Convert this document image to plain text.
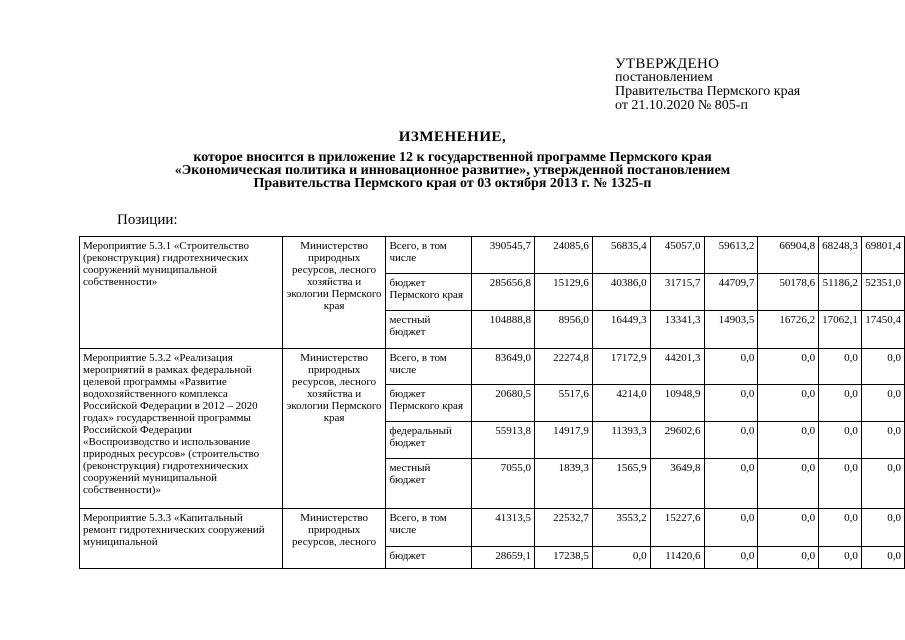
УТВЕРЖДЕНО
постановлением
Правительства Пермского края
от 21.10.2020 № 805-п
ИЗМЕНЕНИЕ,
которое вносится в приложение 12 к государственной программе Пермского края
«Экономическая политика и инновационное развитие», утвержденной постановлением
Правительства Пермского края от 03 октября 2013 г. № 1325-п
Позиции:
Мероприятие 5.3.1 «Строительство (реконструкция) гидротехнических сооружений муниципальной собственности»	Министерство природных ресурсов, лесного хозяйства и экологии Пермского края	Всего, в том числе	390545,7	24085,6	56835,4	45057,0	59613,2	66904,8	68248,3	69801,4
		бюджет Пермского края	285656,8	15129,6	40386,0	31715,7	44709,7	50178,6	51186,2	52351,0
		местный бюджет	104888,8	8956,0	16449,3	13341,3	14903,5	16726,2	17062,1	17450,4
Мероприятие 5.3.2 «Реализация мероприятий в рамках федеральной целевой программы «Развитие водохозяйственного комплекса Российской Федерации в 2012 – 2020 годах» государственной программы Российской Федерации «Воспроизводство и использование природных ресурсов» (строительство (реконструкция) гидротехнических сооружений муниципальной собственности)»	Министерство природных ресурсов, лесного хозяйства и экологии Пермского края	Всего, в том числе	83649,0	22274,8	17172,9	44201,3	0,0	0,0	0,0	0,0
		бюджет Пермского края	20680,5	5517,6	4214,0	10948,9	0,0	0,0	0,0	0,0
		федеральный бюджет	55913,8	14917,9	11393,3	29602,6	0,0	0,0	0,0	0,0
		местный бюджет	7055,0	1839,3	1565,9	3649,8	0,0	0,0	0,0	0,0
Мероприятие 5.3.3 «Капитальный ремонт гидротехнических сооружений муниципальной	Министерство природных ресурсов, лесного	Всего, в том числе	41313,5	22532,7	3553,2	15227,6	0,0	0,0	0,0	0,0
		бюджет	28659,1	17238,5	0,0	11420,6	0,0	0,0	0,0	0,0
